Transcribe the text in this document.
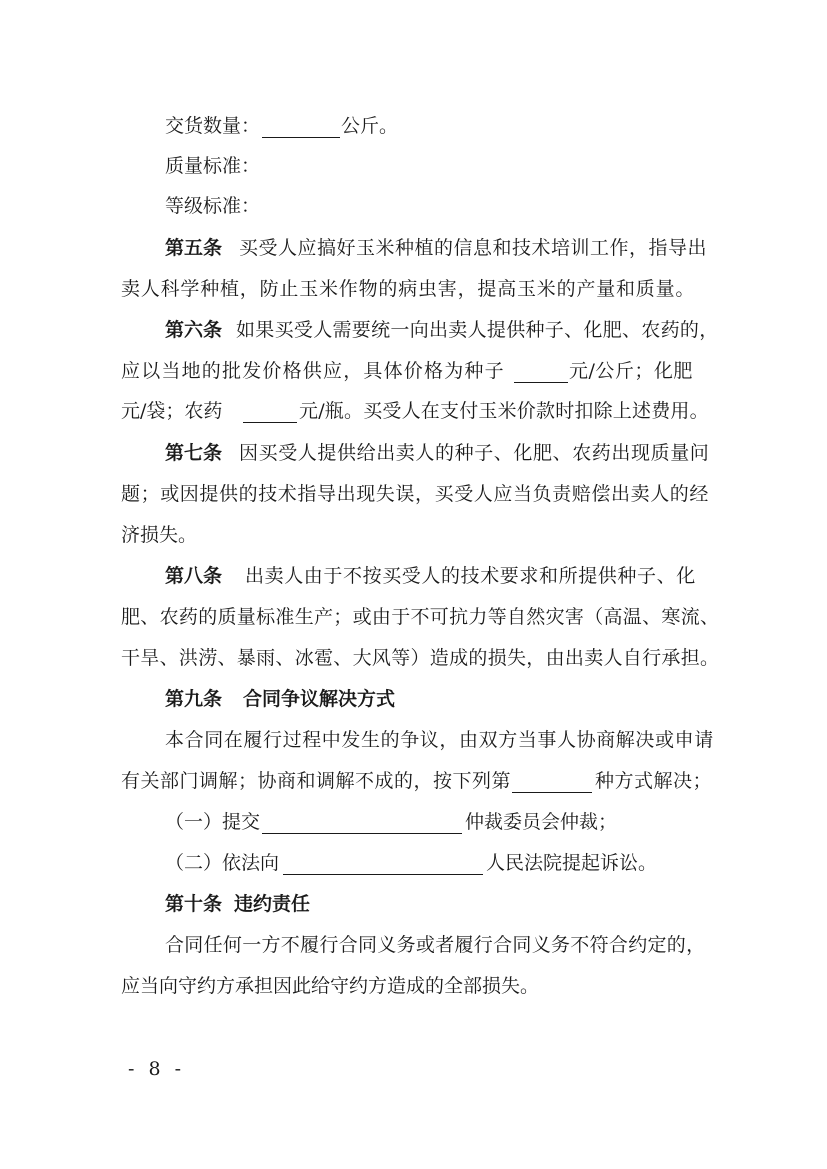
交货数量：	公斤。
质量标准：
等级标准：
第五条 买受人应搞好玉米种植的信息和技术培训工作，指导出
卖人科学种植，防止玉米作物的病虫害，提高玉米的产量和质量。
第六条 如果买受人需要统一向出卖人提供种子、化肥、农药的，
应以当地的批发价格供应，具体价格为种子	元/公斤；化肥
元/袋；农药	元/瓶。买受人在支付玉米价款时扣除上述费用。
第七条 因买受人提供给出卖人的种子、化肥、农药出现质量问
题；或因提供的技术指导出现失误，买受人应当负责赔偿出卖人的经
济损失。
第八条 出卖人由于不按买受人的技术要求和所提供种子、化
肥、农药的质量标准生产；或由于不可抗力等自然灾害（高温、寒流、
干旱、洪涝、暴雨、冰雹、大风等）造成的损失，由出卖人自行承担。
第九条 合同争议解决方式
本合同在履行过程中发生的争议，由双方当事人协商解决或申请
有关部门调解；协商和调解不成的，按下列第	种方式解决；
（一）提交	仲裁委员会仲裁；
（二）依法向	人民法院提起诉讼。
第十条 违约责任
合同任何一方不履行合同义务或者履行合同义务不符合约定的，
应当向守约方承担因此给守约方造成的全部损失。
- 8 -
